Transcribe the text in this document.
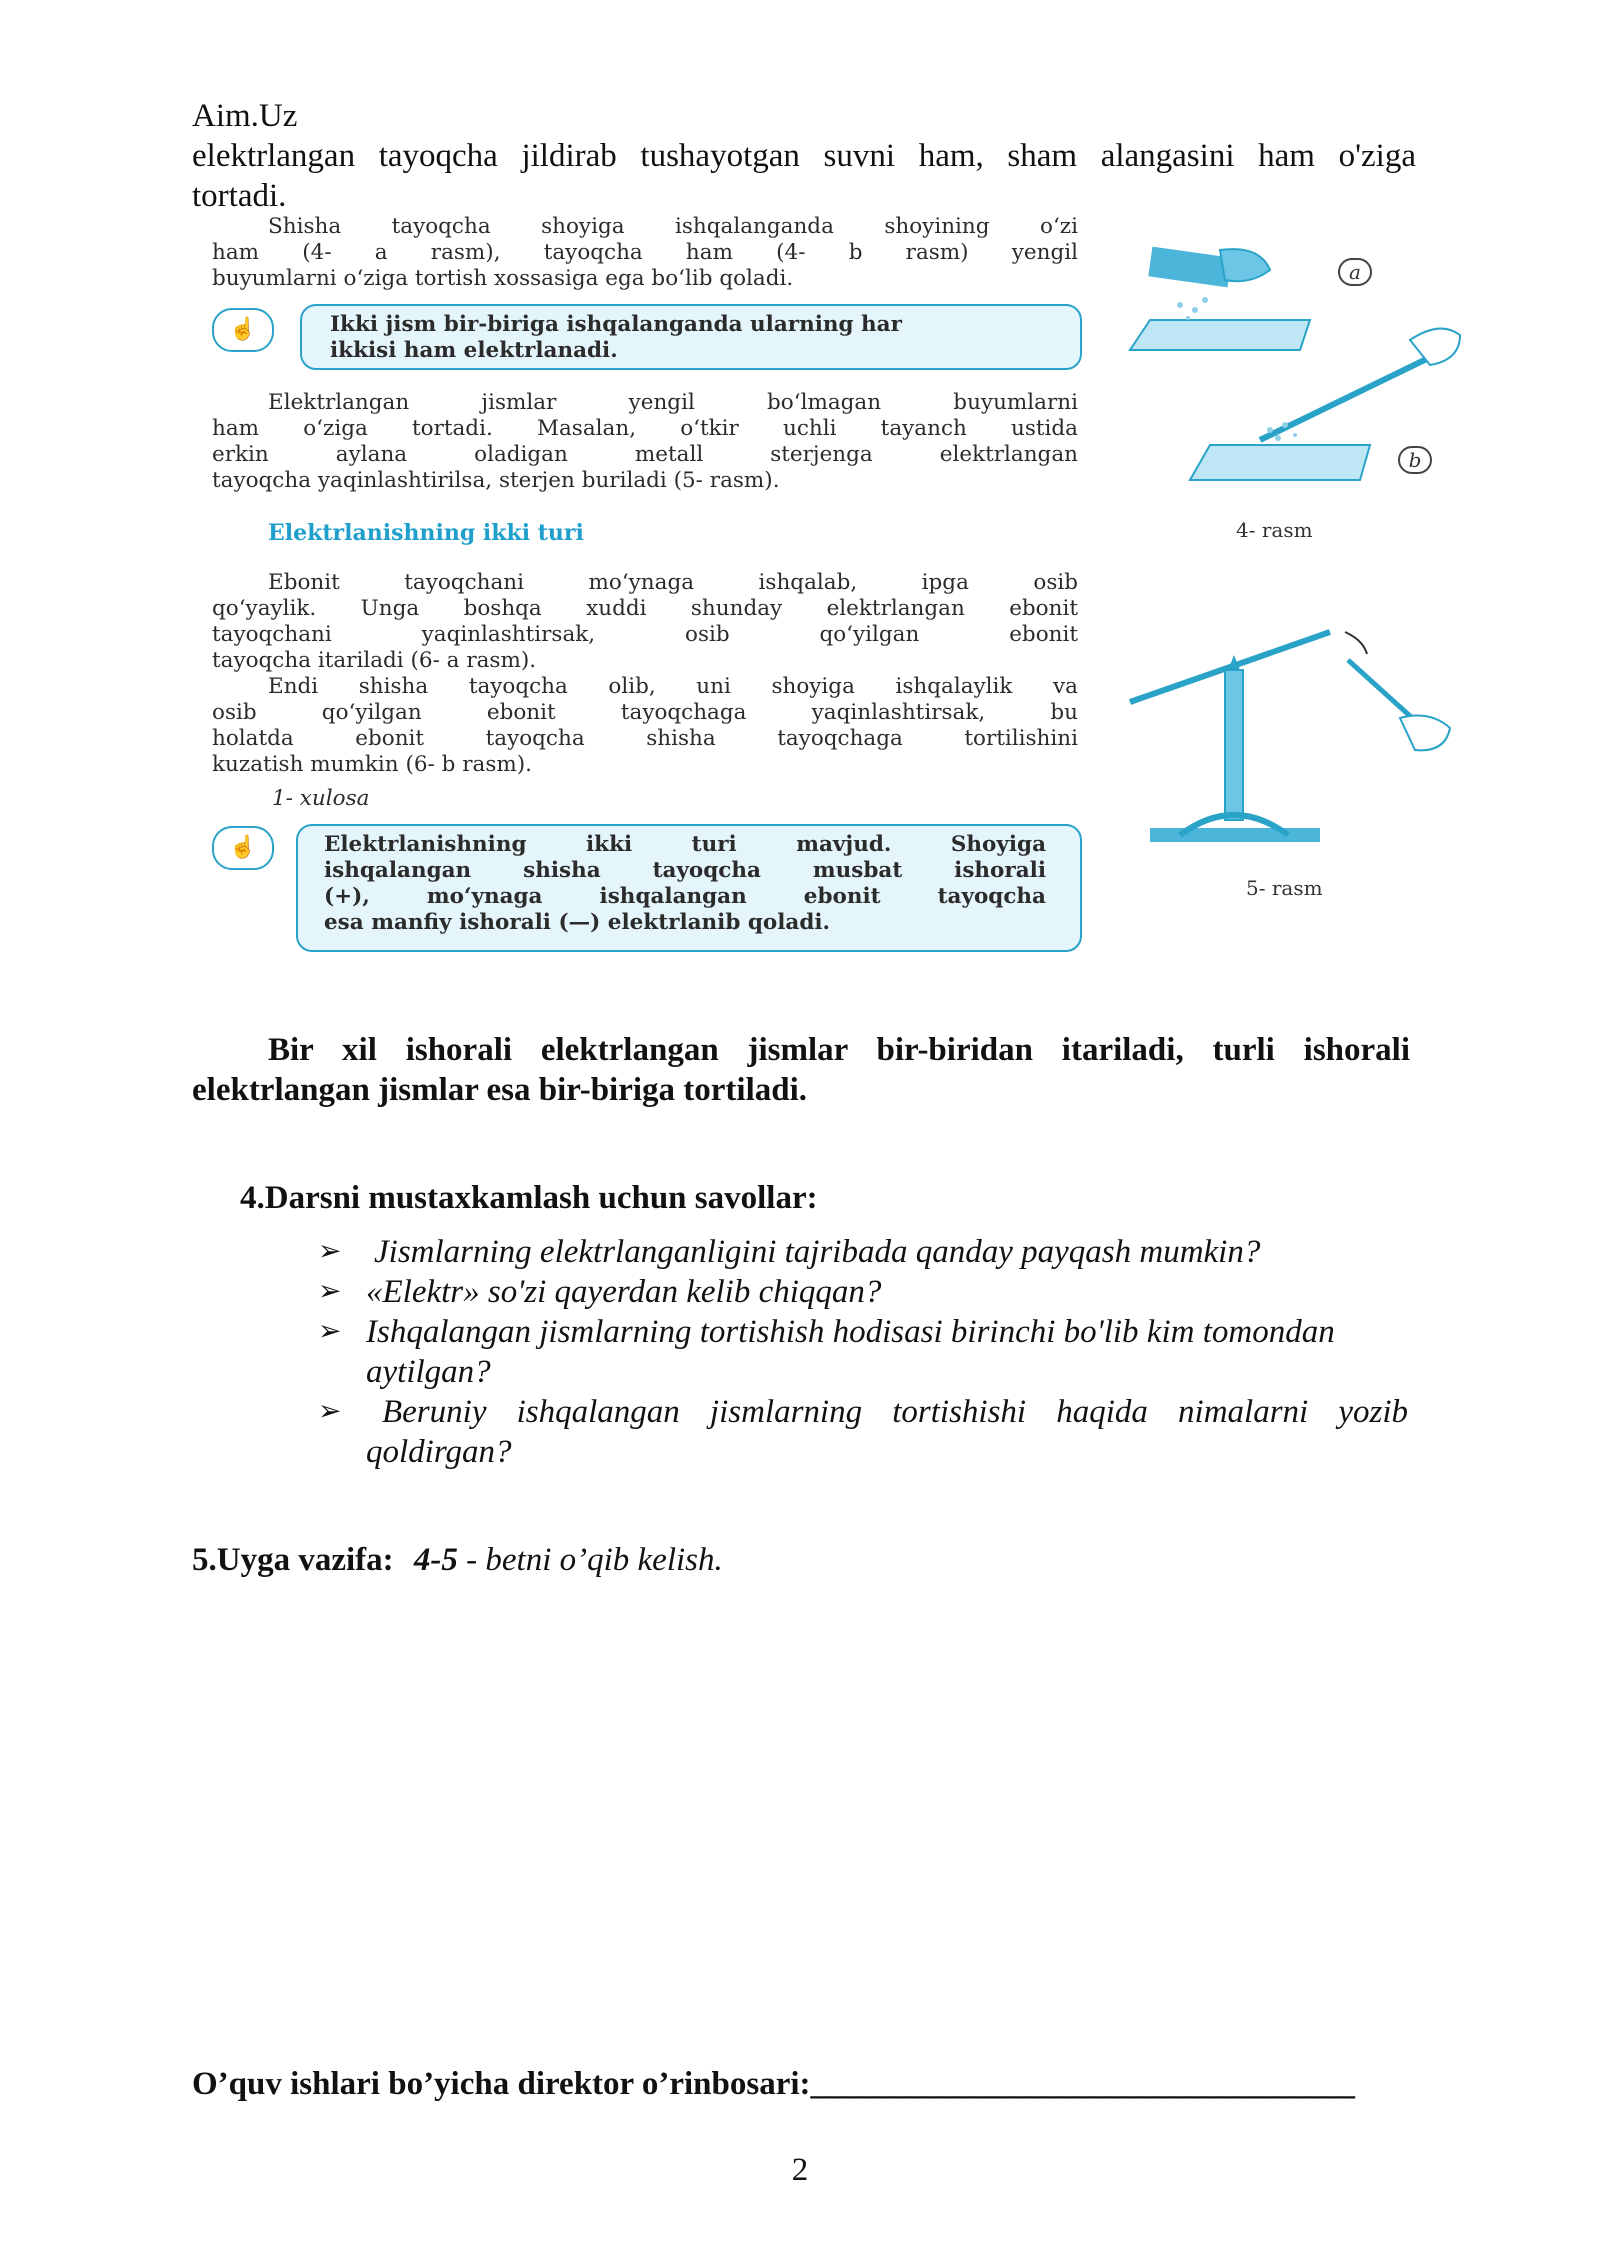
Aim.Uz
elektrlangan tayoqcha jildirab tushayotgan suvni ham, sham alangasini ham o'ziga
tortadi.
Shisha tayoqcha shoyiga ishqalanganda shoyining o‘zi
ham (4- a rasm), tayoqcha ham (4- b rasm) yengil
buyumlarni o‘ziga tortish xossasiga ega bo‘lib qoladi.
☝	Ikki jism bir-biriga ishqalanganda ularning har
ikkisi ham elektrlanadi.
Elektrlangan jismlar yengil bo‘lmagan buyumlarni
ham o‘ziga tortadi. Masalan, o‘tkir uchli tayanch ustida
erkin aylana oladigan metall sterjenga elektrlangan
tayoqcha yaqinlashtirilsa, sterjen buriladi (5- rasm).
Elektrlanishning ikki turi
Ebonit tayoqchani mo‘ynaga ishqalab, ipga osib
qo‘yaylik. Unga boshqa xuddi shunday elektrlangan ebonit
tayoqchani yaqinlashtirsak, osib qo‘yilgan ebonit
tayoqcha itariladi (6- a rasm).
Endi shisha tayoqcha olib, uni shoyiga ishqalaylik va
osib qo‘yilgan ebonit tayoqchaga yaqinlashtirsak, bu
holatda ebonit tayoqcha shisha tayoqchaga tortilishini
kuzatish mumkin (6- b rasm).
1- xulosa
☝	Elektrlanishning ikki turi mavjud. Shoyiga
ishqalangan shisha tayoqcha musbat ishorali
(+), mo‘ynaga ishqalangan ebonit tayoqcha
esa manfiy ishorali (—) elektrlanib qoladi.
a
b
4- rasm
5- rasm
Bir xil ishorali elektrlangan jismlar bir-biridan itariladi, turli ishorali
elektrlangan jismlar esa bir-biriga tortiladi.
4.Darsni mustaxkamlash uchun savollar:
➢ Jismlarning elektrlanganligini tajribada qanday payqash mumkin?
➢ «Elektr» so'zi qayerdan kelib chiqqan?
➢ Ishqalangan jismlarning tortishish hodisasi birinchi bo'lib kim tomondan
aytilgan?
➢ Beruniy ishqalangan jismlarning tortishishi haqida nimalarni yozib
qoldirgan?
5.Uyga vazifa: 4-5 - betni o’qib kelish.
O’quv ishlari bo’yicha direktor o’rinbosari:_________________________________
2
